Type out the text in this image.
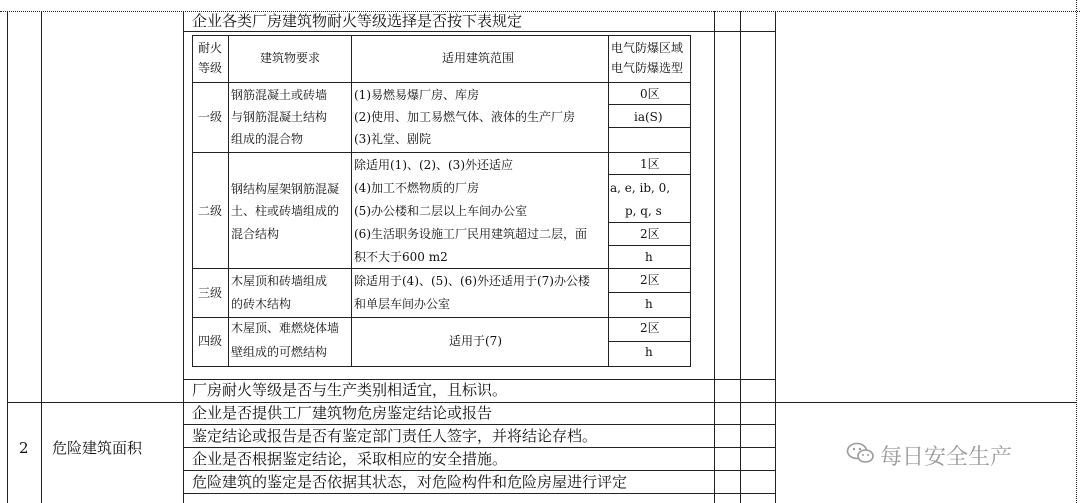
企业各类厂房建筑物耐火等级选择是否按下表规定
厂房耐火等级是否与生产类别相适宜，且标识。
2 危险建筑面积
企业是否提供工厂建筑物危房鉴定结论或报告
鉴定结论或报告是否有鉴定部门责任人签字，并将结论存档。
企业是否根据鉴定结论，采取相应的安全措施。
危险建筑的鉴定是否依据其状态，对危险构件和危险房屋进行评定
耐火
等级
建筑物要求	适用建筑范围
电气防爆区域
电气防爆选型
一级
钢筋混凝土或砖墙
与钢筋混凝土结构
组成的混合物
(1)易燃易爆厂房、库房
(2)使用、加工易燃气体、液体的生产厂房
(3)礼堂、剧院
0区
ia(S)
二级
钢结构屋架钢筋混凝
土、柱或砖墙组成的
混合结构
除适用(1)、(2)、(3)外还适应
(4)加工不燃物质的厂房
(5)办公楼和二层以上车间办公室
(6)生活职务设施工厂民用建筑超过二层，面
积不大于600 m2
1区
a, e, ib, 0,
p, q, s
2区
h
三级
木屋顶和砖墙组成
的砖木结构
除适用于(4)、(5)、(6)外还适用于(7)办公楼
和单层车间办公室
2区
h
四级
木屋顶、难燃烧体墙
壁组成的可燃结构
适用于(7)
2区
h
每日安全生产
